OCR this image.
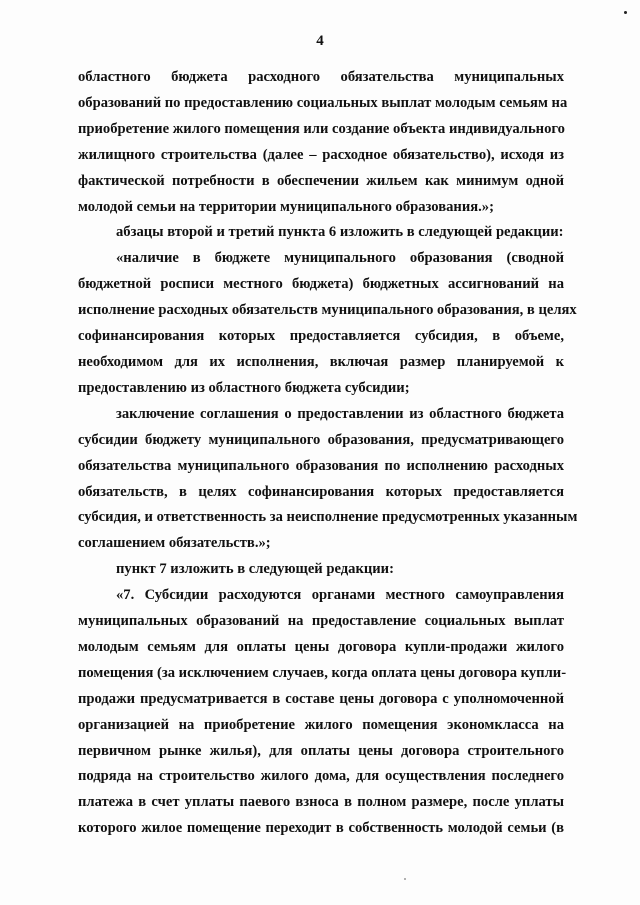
4
областного бюджета расходного обязательства муниципальных
образований по предоставлению социальных выплат молодым семьям на
приобретение жилого помещения или создание объекта индивидуального
жилищного строительства (далее – расходное обязательство), исходя из
фактической потребности в обеспечении жильем как минимум одной
молодой семьи на территории муниципального образования.»;
абзацы второй и третий пункта 6 изложить в следующей редакции:
«наличие в бюджете муниципального образования (сводной
бюджетной росписи местного бюджета) бюджетных ассигнований на
исполнение расходных обязательств муниципального образования, в целях
софинансирования которых предоставляется субсидия, в объеме,
необходимом для их исполнения, включая размер планируемой к
предоставлению из областного бюджета субсидии;
заключение соглашения о предоставлении из областного бюджета
субсидии бюджету муниципального образования, предусматривающего
обязательства муниципального образования по исполнению расходных
обязательств, в целях софинансирования которых предоставляется
субсидия, и ответственность за неисполнение предусмотренных указанным
соглашением обязательств.»;
пункт 7 изложить в следующей редакции:
«7. Субсидии расходуются органами местного самоуправления
муниципальных образований на предоставление социальных выплат
молодым семьям для оплаты цены договора купли-продажи жилого
помещения (за исключением случаев, когда оплата цены договора купли-
продажи предусматривается в составе цены договора с уполномоченной
организацией на приобретение жилого помещения экономкласса на
первичном рынке жилья), для оплаты цены договора строительного
подряда на строительство жилого дома, для осуществления последнего
платежа в счет уплаты паевого взноса в полном размере, после уплаты
которого жилое помещение переходит в собственность молодой семьи (в
